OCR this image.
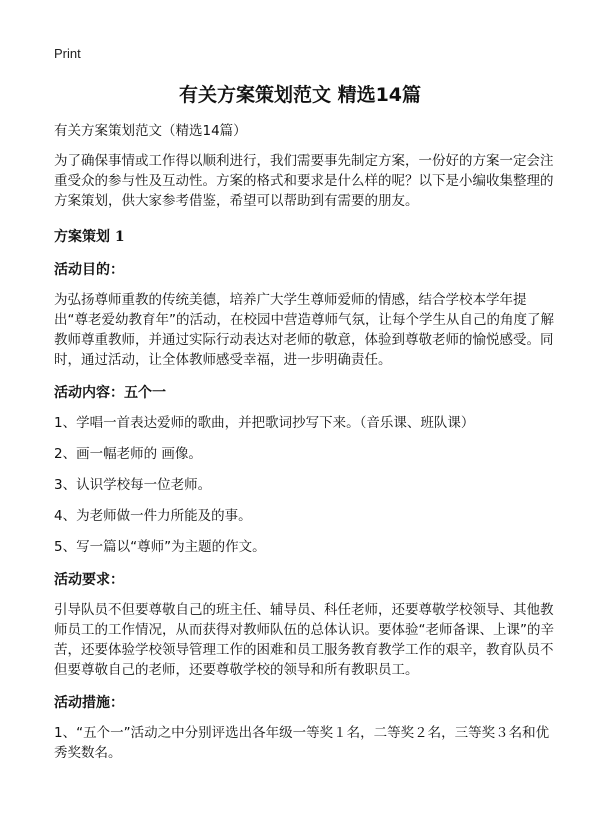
Print
有关方案策划范文 精选14篇

有关方案策划范文（精选14篇）

为了确保事情或工作得以顺利进行，我们需要事先制定方案，一份好的方案一定会注重受众的参与性及互动性。方案的格式和要求是什么样的呢？以下是小编收集整理的方案策划，供大家参考借鉴，希望可以帮助到有需要的朋友。

方案策划 1

活动目的：

为弘扬尊师重教的传统美德，培养广大学生尊师爱师的情感，结合学校本学年提出“尊老爱幼教育年”的活动，在校园中营造尊师气氛，让每个学生从自己的角度了解教师尊重教师，并通过实际行动表达对老师的敬意，体验到尊敬老师的愉悦感受。同时，通过活动，让全体教师感受幸福，进一步明确责任。

活动内容：五个一

1、学唱一首表达爱师的歌曲，并把歌词抄写下来。（音乐课、班队课）

2、画一幅老师的 画像。

3、认识学校每一位老师。

4、为老师做一件力所能及的事。

5、写一篇以“尊师”为主题的作文。

活动要求：

引导队员不但要尊敬自己的班主任、辅导员、科任老师，还要尊敬学校领导、其他教师员工的工作情况，从而获得对教师队伍的总体认识。要体验“老师备课、上课”的辛苦，还要体验学校领导管理工作的困难和员工服务教育教学工作的艰辛，教育队员不但要尊敬自己的老师，还要尊敬学校的领导和所有教职员工。

活动措施：

1、“五个一”活动之中分别评选出各年级一等奖１名，二等奖２名，三等奖３名和优秀奖数名。
